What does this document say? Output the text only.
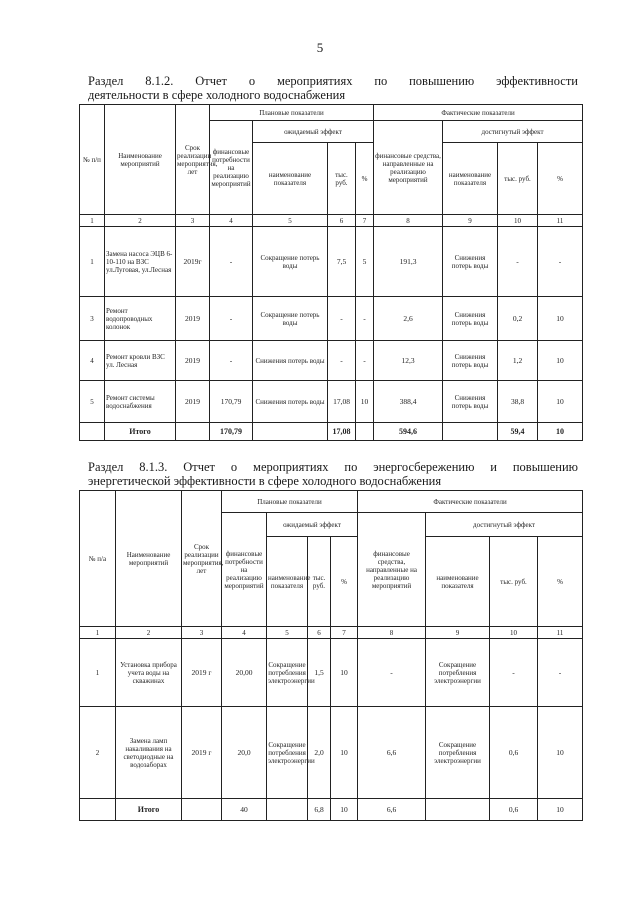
5
Раздел 8.1.2. Отчет о мероприятиях по повышению эффективности
деятельности в сфере холодного водоснабжения
№ п/п	Наименование мероприятий	Срок реализации мероприятия, лет	Плановые показатели				Фактические показатели			
			финансовые потребности на реализацию мероприятий	ожидаемый эффект			финансовые средства, направленные на реализацию мероприятий	достигнутый эффект		
				наименование показателя	тыс. руб.	%		наименование показателя	тыс. руб.	%
1	2	3	4	5	6	7	8	9	10	11
1	Замена насоса ЭЦВ 6-10-110 на ВЗС ул.Луговая, ул.Лесная	2019г	-	Сокращение потерь воды	7,5	5	191,3	Снижения потерь воды	-	-
3	Ремонт водопроводных колонок	2019	-	Сокращение потерь воды	-	-	2,6	Снижения потерь воды	0,2	10
4	Ремонт кровли ВЗС ул. Лесная	2019	-	Снижения потерь воды	-	-	12,3	Снижения потерь воды	1,2	10
5	Ремонт системы водоснабжения	2019	170,79	Снижения потерь воды	17,08	10	388,4	Снижения потерь воды	38,8	10
	Итого		170,79		17,08		594,6		59,4	10
Раздел 8.1.3. Отчет о мероприятиях по энергосбережению и повышению
энергетической эффективности в сфере холодного водоснабжения
№ п/а	Наименование мероприятий	Срок реализации мероприятия, лет	Плановые показатели				Фактические показатели			
			финансовые потребности на реализацию мероприятий	ожидаемый эффект			финансовые средства, направленные на реализацию мероприятий	достигнутый эффект		
				наименование показателя	тыс. руб.	%		наименование показателя	тыс. руб.	%
1	2	3	4	5	6	7	8	9	10	11
1	Установка прибора учета воды на скважинах	2019 г	20,00	Сокращение потребления электроэнергии	1,5	10	-	Сокращение потребления электроэнергии	-	-
2	Замена ламп накаливания на светодиодные на водозаборах	2019 г	20,0	Сокращение потребления электроэнергии	2,0	10	6,6	Сокращение потребления электроэнергии	0,6	10
	Итого		40		6,8	10	6,6		0,6	10
